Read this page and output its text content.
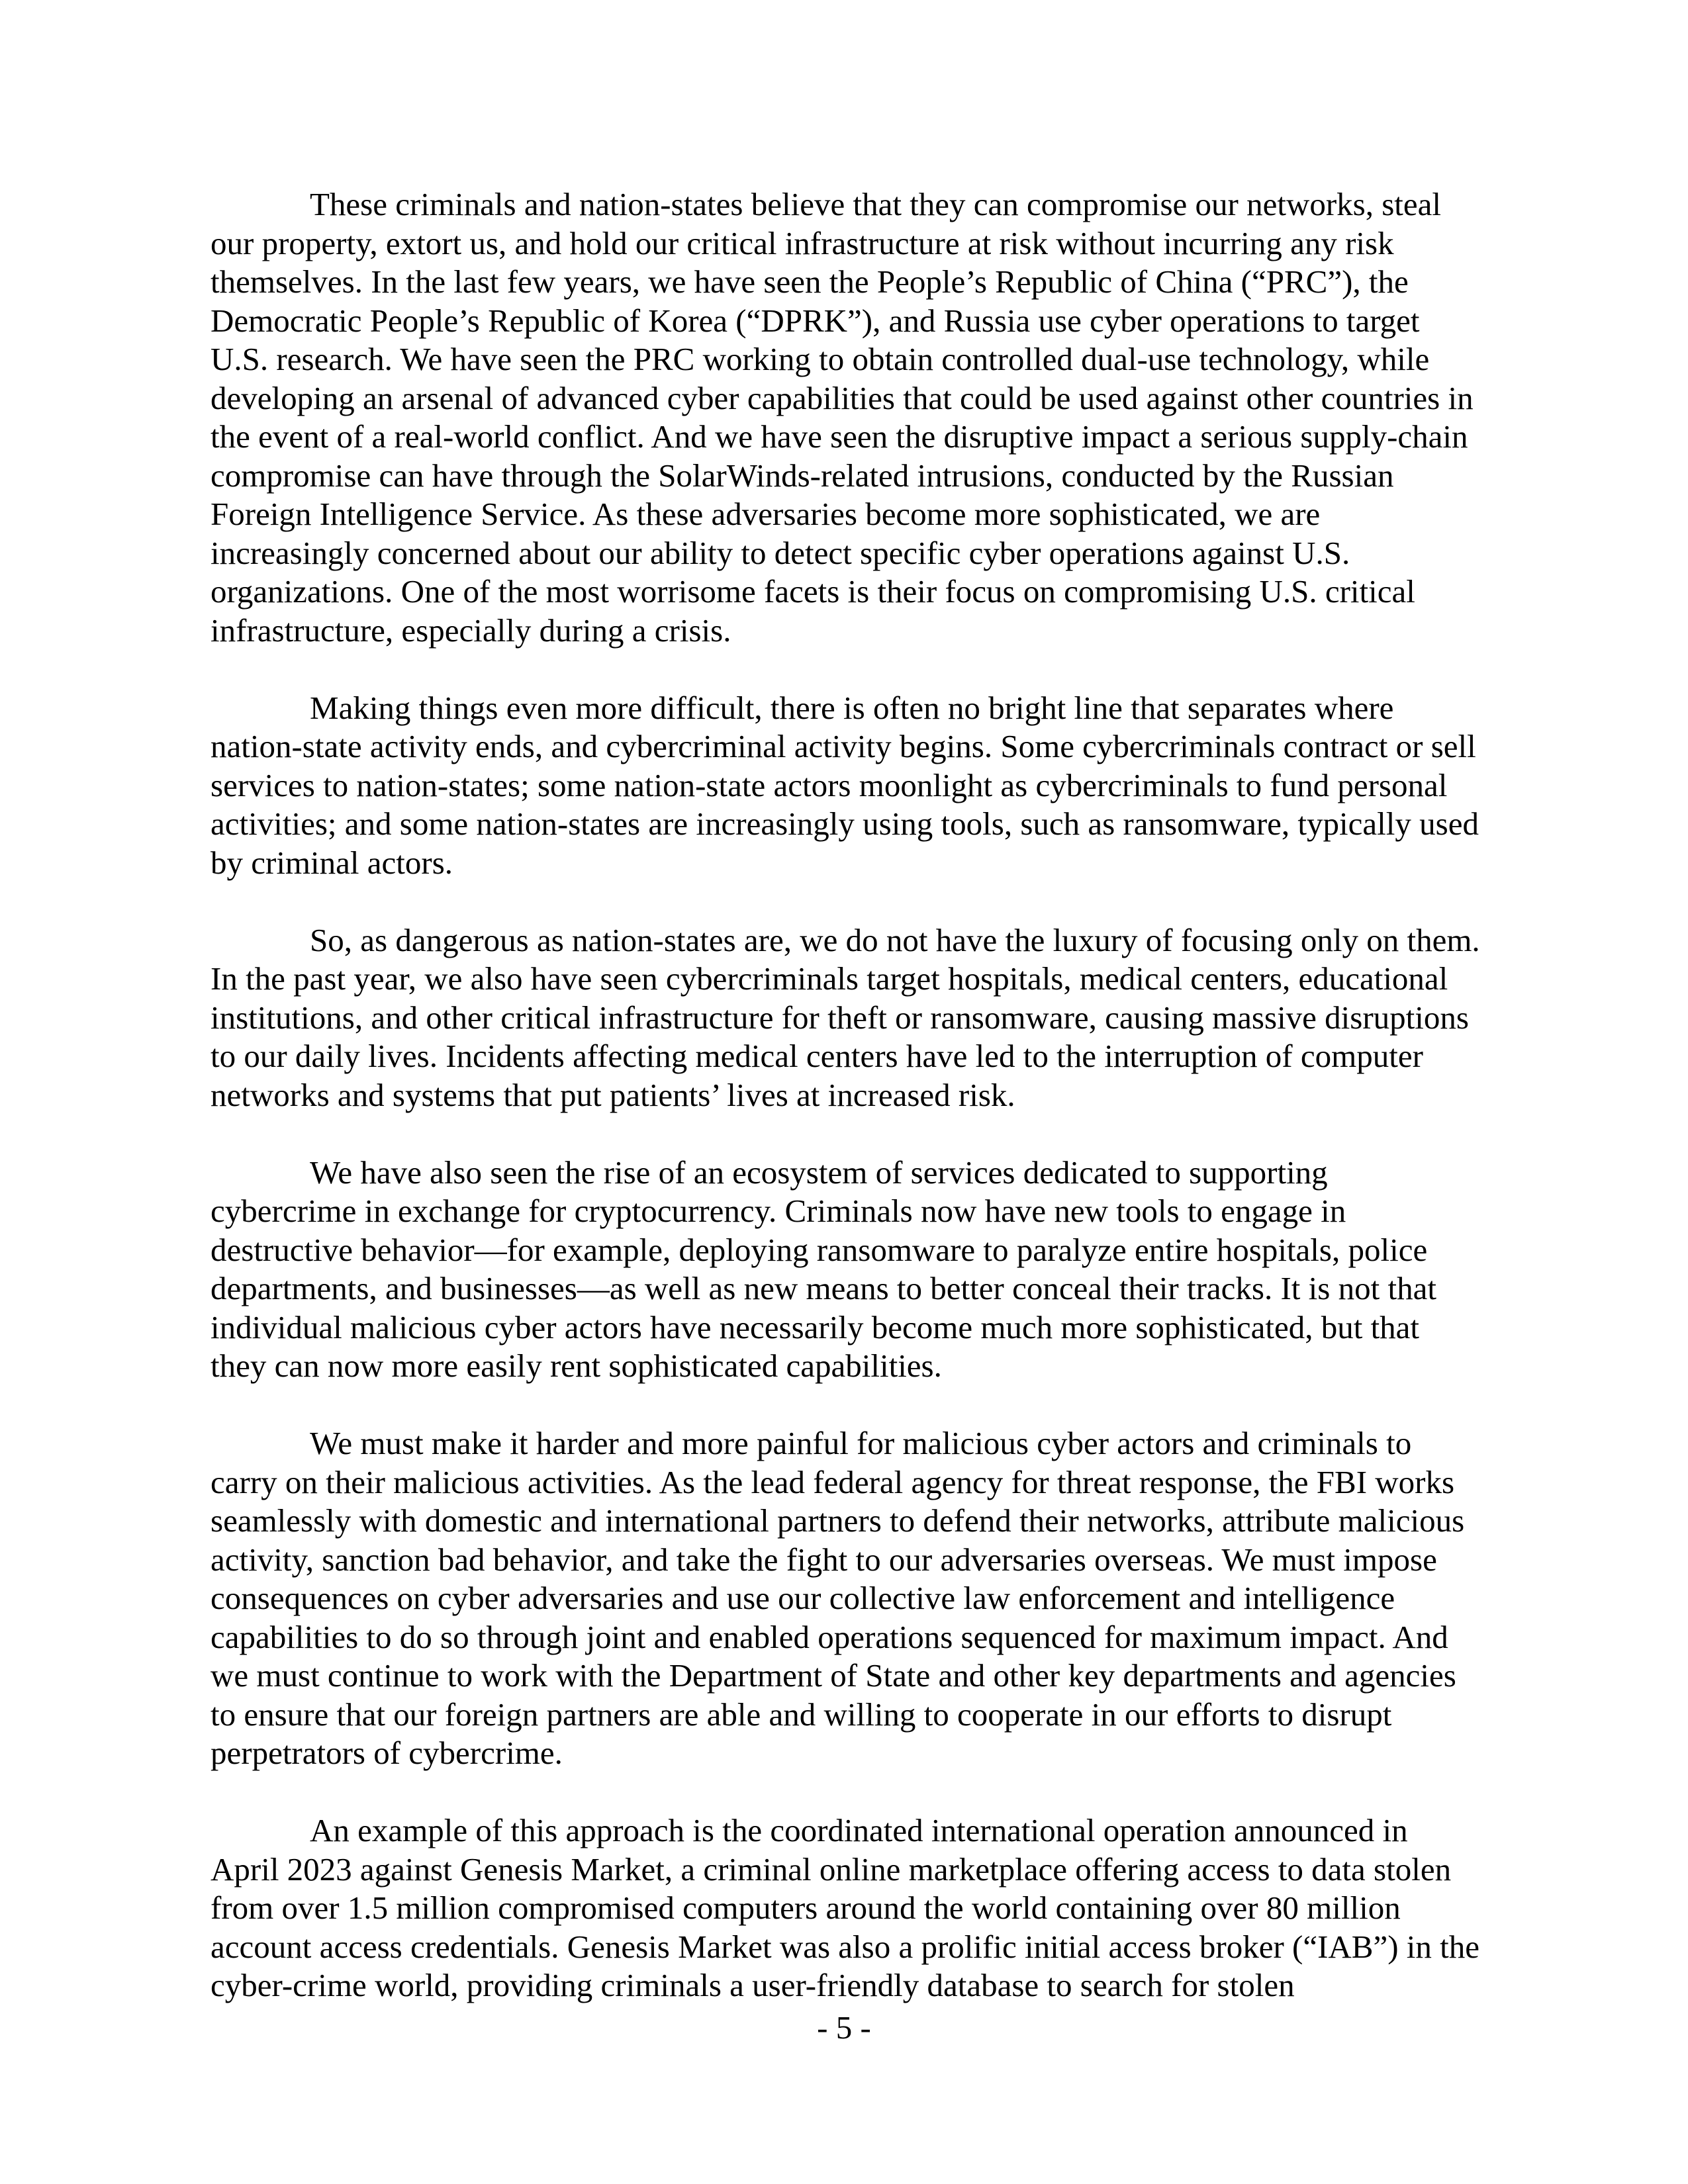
These criminals and nation-states believe that they can compromise our networks, steal our property, extort us, and hold our critical infrastructure at risk without incurring any risk themselves. In the last few years, we have seen the People’s Republic of China (“PRC”), the Democratic People’s Republic of Korea (“DPRK”), and Russia use cyber operations to target U.S. research. We have seen the PRC working to obtain controlled dual-use technology, while developing an arsenal of advanced cyber capabilities that could be used against other countries in the event of a real-world conflict. And we have seen the disruptive impact a serious supply-chain compromise can have through the SolarWinds-related intrusions, conducted by the Russian Foreign Intelligence Service. As these adversaries become more sophisticated, we are increasingly concerned about our ability to detect specific cyber operations against U.S. organizations. One of the most worrisome facets is their focus on compromising U.S. critical infrastructure, especially during a crisis.

Making things even more difficult, there is often no bright line that separates where nation-state activity ends, and cybercriminal activity begins. Some cybercriminals contract or sell services to nation-states; some nation-state actors moonlight as cybercriminals to fund personal activities; and some nation-states are increasingly using tools, such as ransomware, typically used by criminal actors.

So, as dangerous as nation-states are, we do not have the luxury of focusing only on them. In the past year, we also have seen cybercriminals target hospitals, medical centers, educational institutions, and other critical infrastructure for theft or ransomware, causing massive disruptions to our daily lives. Incidents affecting medical centers have led to the interruption of computer networks and systems that put patients’ lives at increased risk.

We have also seen the rise of an ecosystem of services dedicated to supporting cybercrime in exchange for cryptocurrency. Criminals now have new tools to engage in destructive behavior—for example, deploying ransomware to paralyze entire hospitals, police departments, and businesses—as well as new means to better conceal their tracks. It is not that individual malicious cyber actors have necessarily become much more sophisticated, but that they can now more easily rent sophisticated capabilities.

We must make it harder and more painful for malicious cyber actors and criminals to carry on their malicious activities. As the lead federal agency for threat response, the FBI works seamlessly with domestic and international partners to defend their networks, attribute malicious activity, sanction bad behavior, and take the fight to our adversaries overseas. We must impose consequences on cyber adversaries and use our collective law enforcement and intelligence capabilities to do so through joint and enabled operations sequenced for maximum impact. And we must continue to work with the Department of State and other key departments and agencies to ensure that our foreign partners are able and willing to cooperate in our efforts to disrupt perpetrators of cybercrime.

An example of this approach is the coordinated international operation announced in April 2023 against Genesis Market, a criminal online marketplace offering access to data stolen from over 1.5 million compromised computers around the world containing over 80 million account access credentials. Genesis Market was also a prolific initial access broker (“IAB”) in the cyber-crime world, providing criminals a user-friendly database to search for stolen

- 5 -
